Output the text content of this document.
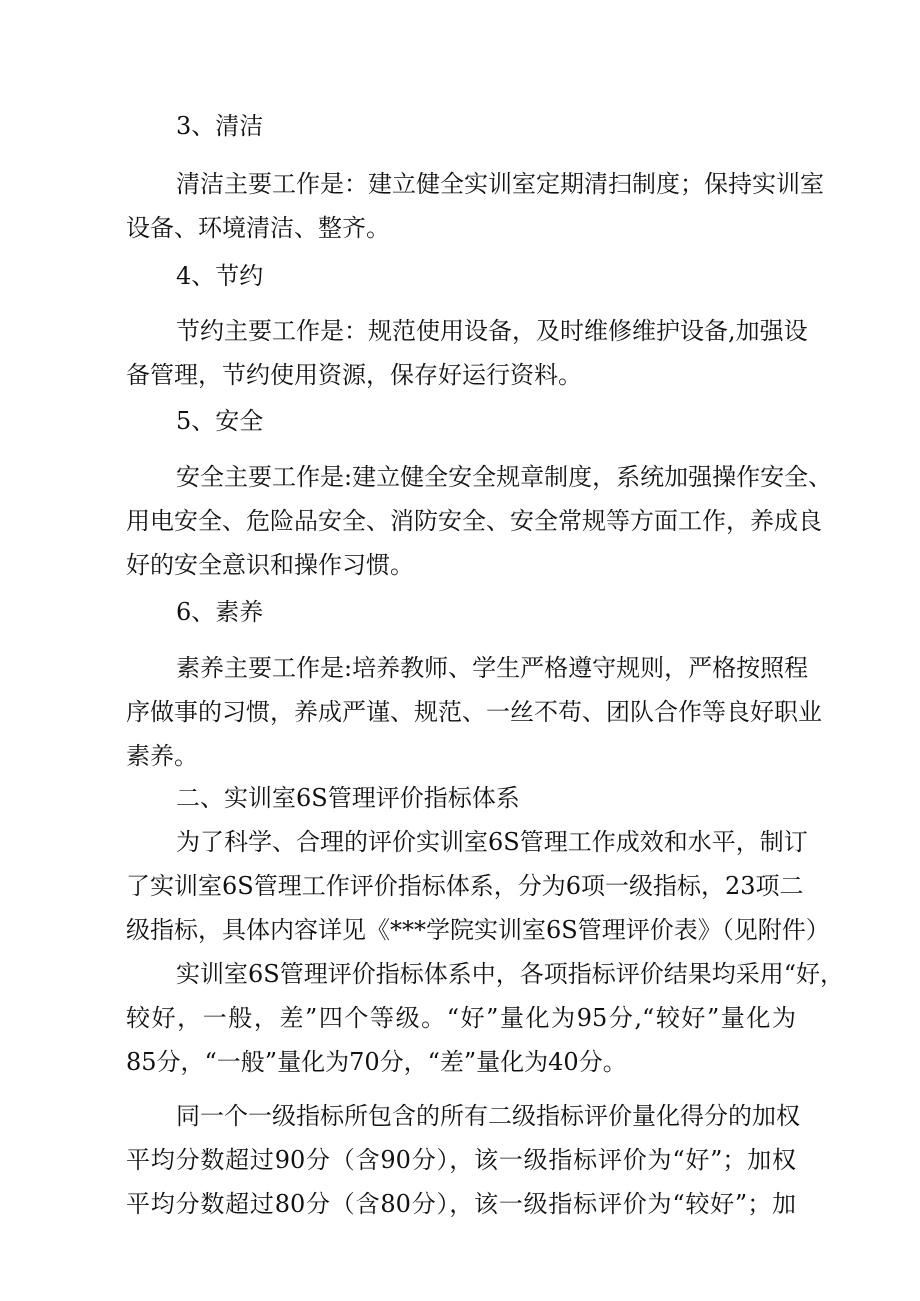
3、清洁
清洁主要工作是：建立健全实训室定期清扫制度；保持实训室
设备、环境清洁、整齐。
4、节约
节约主要工作是：规范使用设备，及时维修维护设备,加强设
备管理，节约使用资源，保存好运行资料。
5、安全
安全主要工作是:建立健全安全规章制度，系统加强操作安全、
用电安全、危险品安全、消防安全、安全常规等方面工作，养成良
好的安全意识和操作习惯。
6、素养
素养主要工作是:培养教师、学生严格遵守规则，严格按照程
序做事的习惯，养成严谨、规范、一丝不苟、团队合作等良好职业
素养。
二、实训室6S管理评价指标体系
为了科学、合理的评价实训室6S管理工作成效和水平，制订
了实训室6S管理工作评价指标体系，分为6项一级指标，23项二
级指标，具体内容详见《***学院实训室6S管理评价表》（见附件）
实训室6S管理评价指标体系中，各项指标评价结果均采用“好，
较好，一般，差”四个等级。“好”量化为95分,“较好”量化为
85分，“一般”量化为70分，“差”量化为40分。
同一个一级指标所包含的所有二级指标评价量化得分的加权
平均分数超过90分（含90分），该一级指标评价为“好”；加权
平均分数超过80分（含80分），该一级指标评价为“较好”；加
